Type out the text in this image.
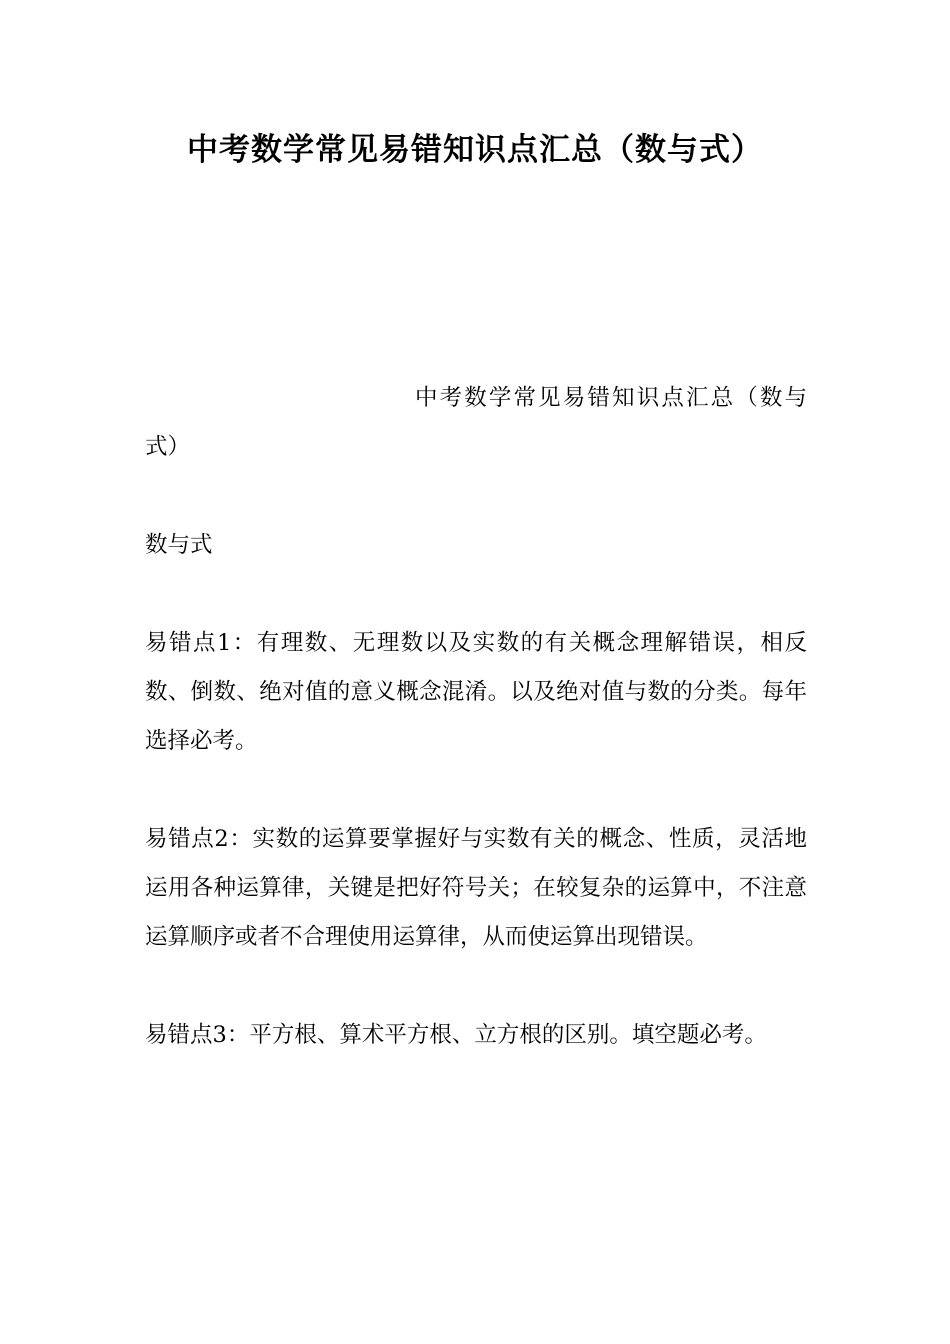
中考数学常见易错知识点汇总（数与式）

中考数学常见易错知识点汇总（数与式）

数与式

易错点1：有理数、无理数以及实数的有关概念理解错误，相反数、倒数、绝对值的意义概念混淆。以及绝对值与数的分类。每年选择必考。

易错点2：实数的运算要掌握好与实数有关的概念、性质，灵活地运用各种运算律，关键是把好符号关；在较复杂的运算中，不注意运算顺序或者不合理使用运算律，从而使运算出现错误。

易错点3：平方根、算术平方根、立方根的区别。填空题必考。
